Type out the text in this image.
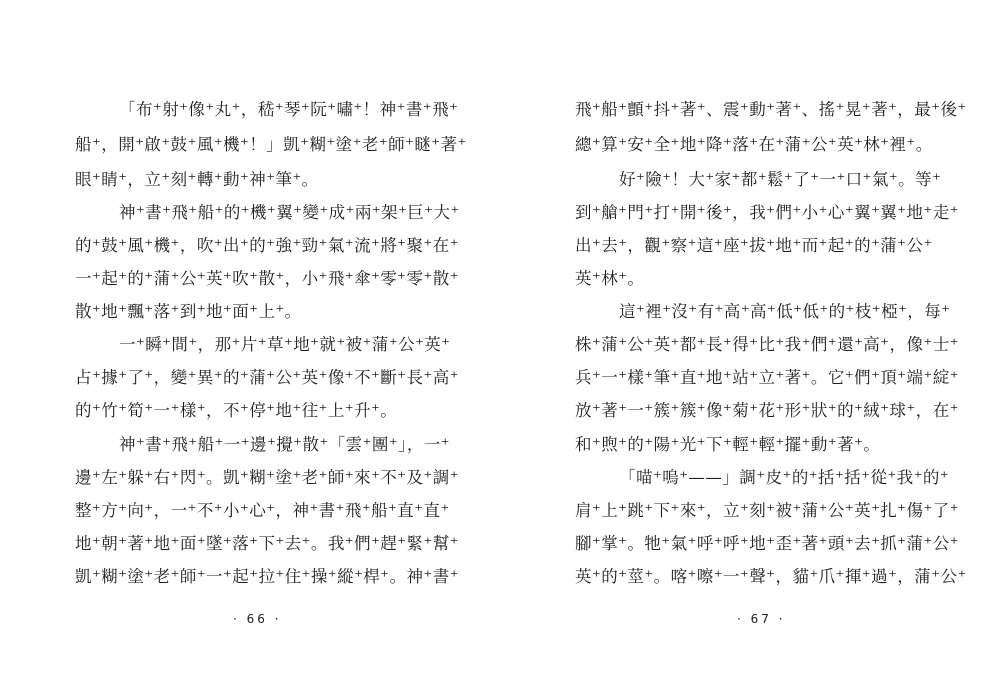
「布⁺射⁺像⁺丸⁺，嵇⁺琴⁺阮⁺嘯⁺！神⁺書⁺飛⁺
船⁺，開⁺啟⁺鼓⁺風⁺機⁺！」凱⁺糊⁺塗⁺老⁺師⁺瞇⁺著⁺
眼⁺睛⁺，立⁺刻⁺轉⁺動⁺神⁺筆⁺。
神⁺書⁺飛⁺船⁺的⁺機⁺翼⁺變⁺成⁺兩⁺架⁺巨⁺大⁺
的⁺鼓⁺風⁺機⁺，吹⁺出⁺的⁺強⁺勁⁺氣⁺流⁺將⁺聚⁺在⁺
一⁺起⁺的⁺蒲⁺公⁺英⁺吹⁺散⁺，小⁺飛⁺傘⁺零⁺零⁺散⁺
散⁺地⁺飄⁺落⁺到⁺地⁺面⁺上⁺。
一⁺瞬⁺間⁺，那⁺片⁺草⁺地⁺就⁺被⁺蒲⁺公⁺英⁺
占⁺據⁺了⁺，變⁺異⁺的⁺蒲⁺公⁺英⁺像⁺不⁺斷⁺長⁺高⁺
的⁺竹⁺筍⁺一⁺樣⁺，不⁺停⁺地⁺往⁺上⁺升⁺。
神⁺書⁺飛⁺船⁺一⁺邊⁺攪⁺散⁺「雲⁺團⁺」，一⁺
邊⁺左⁺躲⁺右⁺閃⁺。凱⁺糊⁺塗⁺老⁺師⁺來⁺不⁺及⁺調⁺
整⁺方⁺向⁺，一⁺不⁺小⁺心⁺，神⁺書⁺飛⁺船⁺直⁺直⁺
地⁺朝⁺著⁺地⁺面⁺墜⁺落⁺下⁺去⁺。我⁺們⁺趕⁺緊⁺幫⁺
凱⁺糊⁺塗⁺老⁺師⁺一⁺起⁺拉⁺住⁺操⁺縱⁺桿⁺。神⁺書⁺
· 66 ·
飛⁺船⁺顫⁺抖⁺著⁺、震⁺動⁺著⁺、搖⁺晃⁺著⁺，最⁺後⁺
總⁺算⁺安⁺全⁺地⁺降⁺落⁺在⁺蒲⁺公⁺英⁺林⁺裡⁺。
好⁺險⁺！大⁺家⁺都⁺鬆⁺了⁺一⁺口⁺氣⁺。等⁺
到⁺艙⁺門⁺打⁺開⁺後⁺，我⁺們⁺小⁺心⁺翼⁺翼⁺地⁺走⁺
出⁺去⁺，觀⁺察⁺這⁺座⁺拔⁺地⁺而⁺起⁺的⁺蒲⁺公⁺
英⁺林⁺。
這⁺裡⁺沒⁺有⁺高⁺高⁺低⁺低⁺的⁺枝⁺椏⁺，每⁺
株⁺蒲⁺公⁺英⁺都⁺長⁺得⁺比⁺我⁺們⁺還⁺高⁺，像⁺士⁺
兵⁺一⁺樣⁺筆⁺直⁺地⁺站⁺立⁺著⁺。它⁺們⁺頂⁺端⁺綻⁺
放⁺著⁺一⁺簇⁺簇⁺像⁺菊⁺花⁺形⁺狀⁺的⁺絨⁺球⁺，在⁺
和⁺煦⁺的⁺陽⁺光⁺下⁺輕⁺輕⁺擺⁺動⁺著⁺。
「喵⁺嗚⁺——」調⁺皮⁺的⁺括⁺括⁺從⁺我⁺的⁺
肩⁺上⁺跳⁺下⁺來⁺，立⁺刻⁺被⁺蒲⁺公⁺英⁺扎⁺傷⁺了⁺
腳⁺掌⁺。牠⁺氣⁺呼⁺呼⁺地⁺歪⁺著⁺頭⁺去⁺抓⁺蒲⁺公⁺
英⁺的⁺莖⁺。喀⁺嚓⁺一⁺聲⁺，貓⁺爪⁺揮⁺過⁺，蒲⁺公⁺
· 67 ·
